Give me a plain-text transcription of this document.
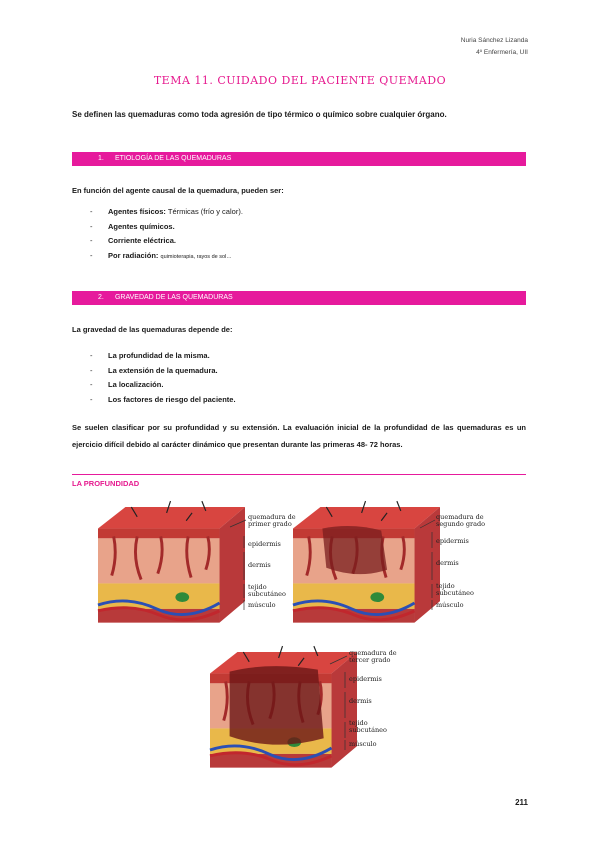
Nuria Sánchez Lizanda
4º Enfermería, UII
TEMA 11. CUIDADO DEL PACIENTE QUEMADO
Se definen las quemaduras como toda agresión de tipo térmico o químico sobre cualquier órgano.
1. ETIOLOGÍA DE LAS QUEMADURAS
En función del agente causal de la quemadura, pueden ser:
- Agentes físicos: Térmicas (frío y calor).
- Agentes químicos.
- Corriente eléctrica.
- Por radiación: quimioterapia, rayos de sol…
2. GRAVEDAD DE LAS QUEMADURAS
La gravedad de las quemaduras depende de:
- La profundidad de la misma.
- La extensión de la quemadura.
- La localización.
- Los factores de riesgo del paciente.
Se suelen clasificar por su profundidad y su extensión. La evaluación inicial de la profundidad de las quemaduras es un ejercicio difícil debido al carácter dinámico que presentan durante las primeras 48- 72 horas.
LA PROFUNDIDAD
quemadura de primer grado
epidermis
dermis
tejido subcutáneo
músculo
quemadura de segundo grado
epidermis
dermis
tejido subcutáneo
músculo
quemadura de tercer grado
epidermis
dermis
tejido subcutáneo
músculo
211
